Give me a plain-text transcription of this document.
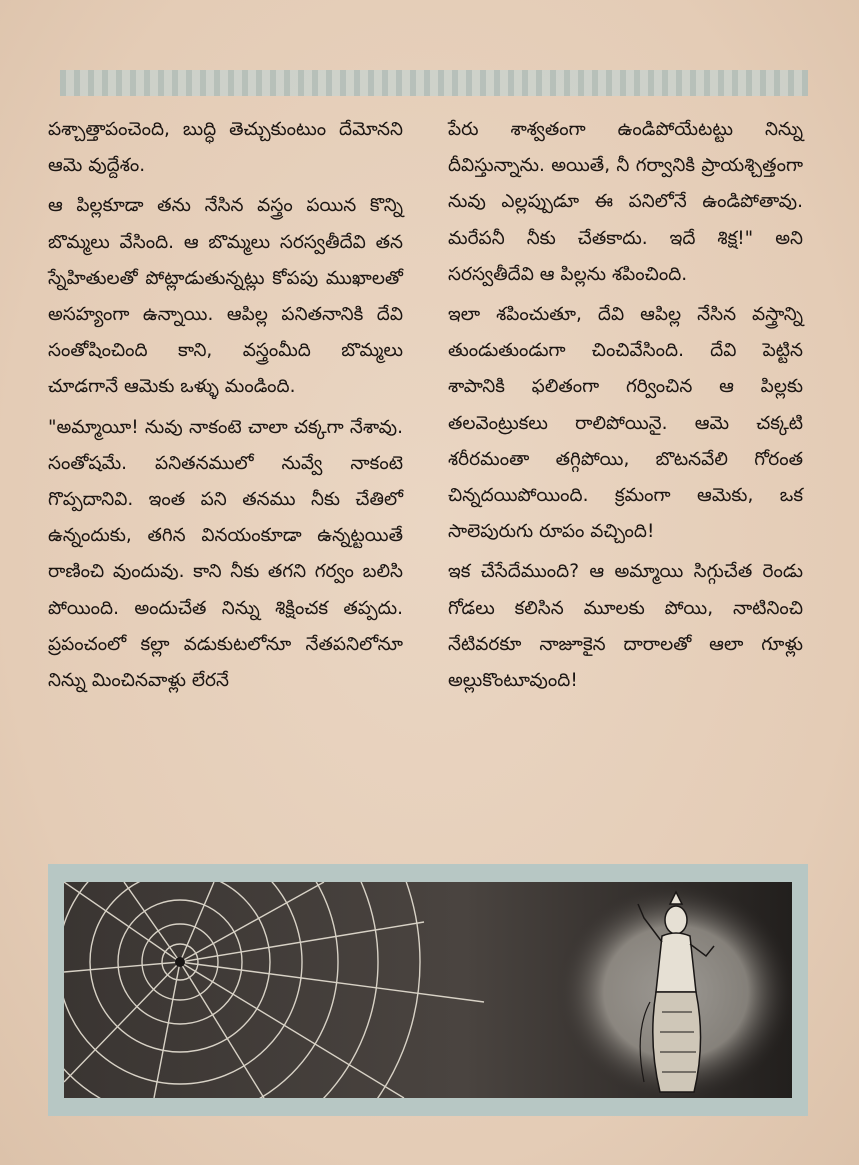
పశ్చాత్తాపంచెంది, బుద్ధి తెచ్చుకుంటుం దేమోనని ఆమె వుద్దేశం.

ఆ పిల్లకూడా తను నేసిన వస్త్రం పయిన కొన్ని బొమ్మలు వేసింది. ఆ బొమ్మలు సరస్వతీదేవి తన స్నేహితులతో పోట్లాడుతున్నట్లు కోపపు ముఖాలతో అసహ్యంగా ఉన్నాయి. ఆపిల్ల పనితనానికి దేవి సంతోషించింది కాని, వస్త్రంమీది బొమ్మలు చూడగానే ఆమెకు ఒళ్ళు మండింది.

"అమ్మాయీ! నువు నాకంటె చాలా చక్కగా నేశావు. సంతోషమే. పనితనములో నువ్వే నాకంటె గొప్పదానివి. ఇంత పని తనము నీకు చేతిలో ఉన్నందుకు, తగిన వినయంకూడా ఉన్నట్టయితే రాణించి వుందువు. కాని నీకు తగని గర్వం బలిసి పోయింది. అందుచేత నిన్ను శిక్షించక తప్పదు. ప్రపంచంలో కల్లా వడుకుటలోనూ నేతపనిలోనూ నిన్ను మించినవాళ్లు లేరనే

పేరు శాశ్వతంగా ఉండిపోయేటట్టు నిన్ను దీవిస్తున్నాను. అయితే, నీ గర్వానికి ప్రాయశ్చిత్తంగా నువు ఎల్లప్పుడూ ఈ పనిలోనే ఉండిపోతావు. మరేపనీ నీకు చేతకాదు. ఇదే శిక్ష!" అని సరస్వతీదేవి ఆ పిల్లను శపించింది.

ఇలా శపించుతూ, దేవి ఆపిల్ల నేసిన వస్త్రాన్ని తుండుతుండుగా చించివేసింది. దేవి పెట్టిన శాపానికి ఫలితంగా గర్వించిన ఆ పిల్లకు తలవెంట్రుకలు రాలిపోయినై. ఆమె చక్కటి శరీరమంతా తగ్గిపోయి, బొటనవేలి గోరంత చిన్నదయిపోయింది. క్రమంగా ఆమెకు, ఒక సాలెపురుగు రూపం వచ్చింది!

ఇక చేసేదేముంది? ఆ అమ్మాయి సిగ్గుచేత రెండు గోడలు కలిసిన మూలకు పోయి, నాటినించి నేటివరకూ నాజూకైన దారాలతో ఆలా గూళ్లు అల్లుకొంటూవుంది!
